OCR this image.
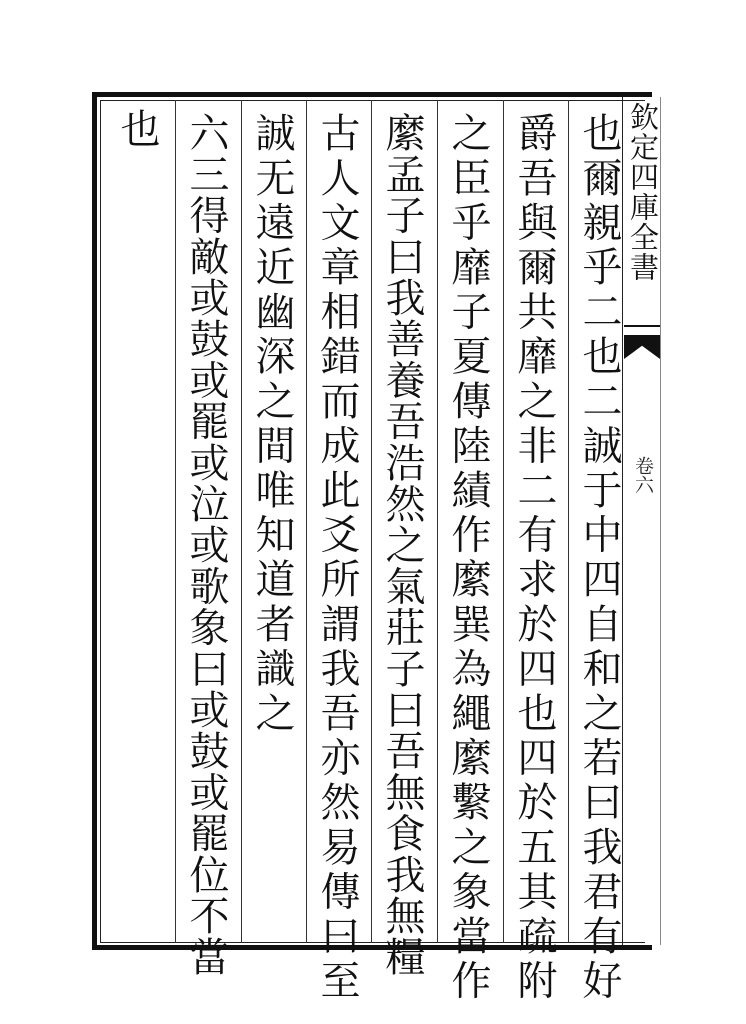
欽定四庫全書
卷六
也爾親乎二也二誠于中四自和之若曰我君有好
爵吾與爾共靡之非二有求於四也四於五其疏附
之臣乎靡子夏傳陸績作縻巽為繩縻繫之象當作
縻孟子曰我善養吾浩然之氣莊子曰吾無食我無糧
古人文章相錯而成此爻所謂我吾亦然易傳曰至
誠无遠近幽深之間唯知道者識之
六三得敵或鼓或罷或泣或歌象曰或鼓或罷位不當
也
